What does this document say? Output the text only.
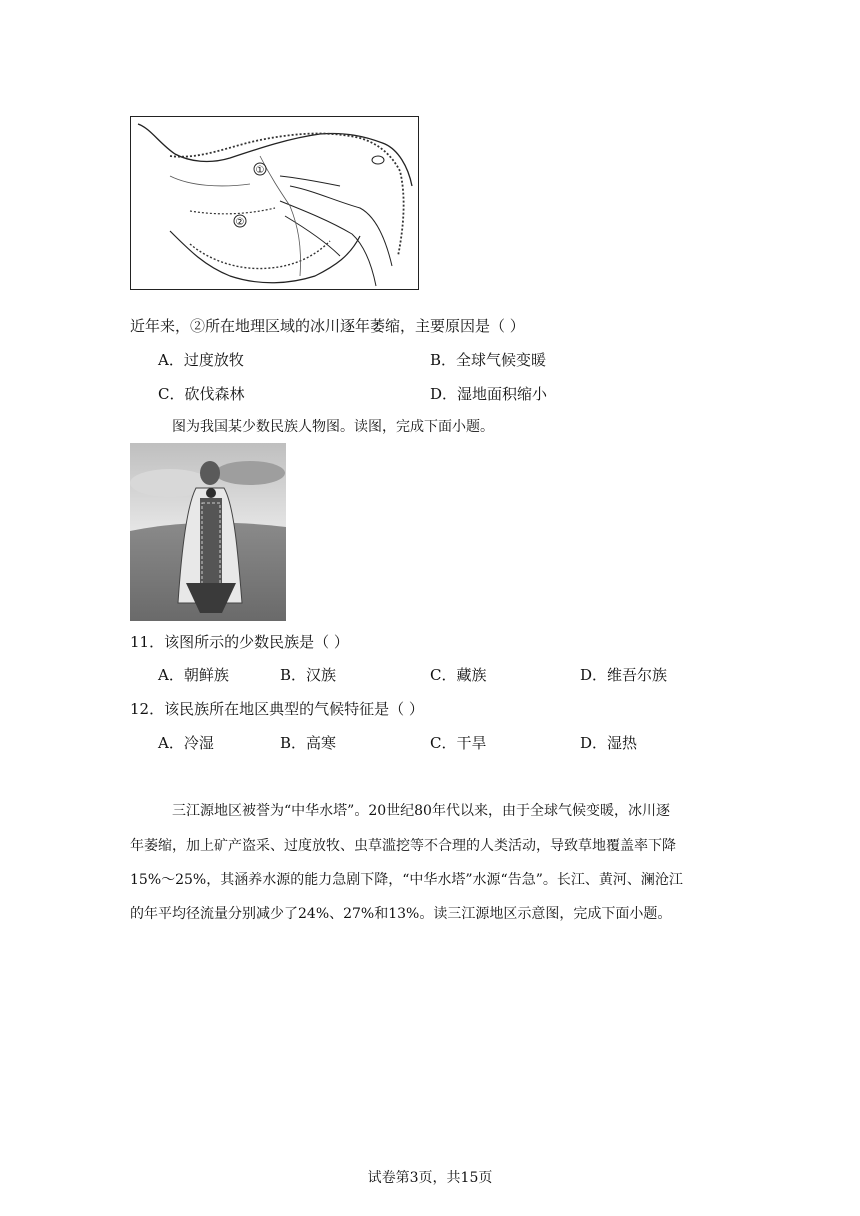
①
②
近年来，②所在地理区域的冰川逐年萎缩，主要原因是（ ）
A．过度放牧	B．全球气候变暖
C．砍伐森林	D．湿地面积缩小
图为我国某少数民族人物图。读图，完成下面小题。
11．该图所示的少数民族是（ ）
A．朝鲜族	B．汉族	C．藏族	D．维吾尔族
12．该民族所在地区典型的气候特征是（ ）
A．冷湿	B．高寒	C．干旱	D．湿热
三江源地区被誉为“中华水塔”。20世纪80年代以来，由于全球气候变暖，冰川逐
年萎缩，加上矿产盗采、过度放牧、虫草滥挖等不合理的人类活动，导致草地覆盖率下降
15%～25%，其涵养水源的能力急剧下降，“中华水塔”水源“告急”。长江、黄河、澜沧江
的年平均径流量分别减少了24%、27%和13%。读三江源地区示意图，完成下面小题。
试卷第3页，共15页
